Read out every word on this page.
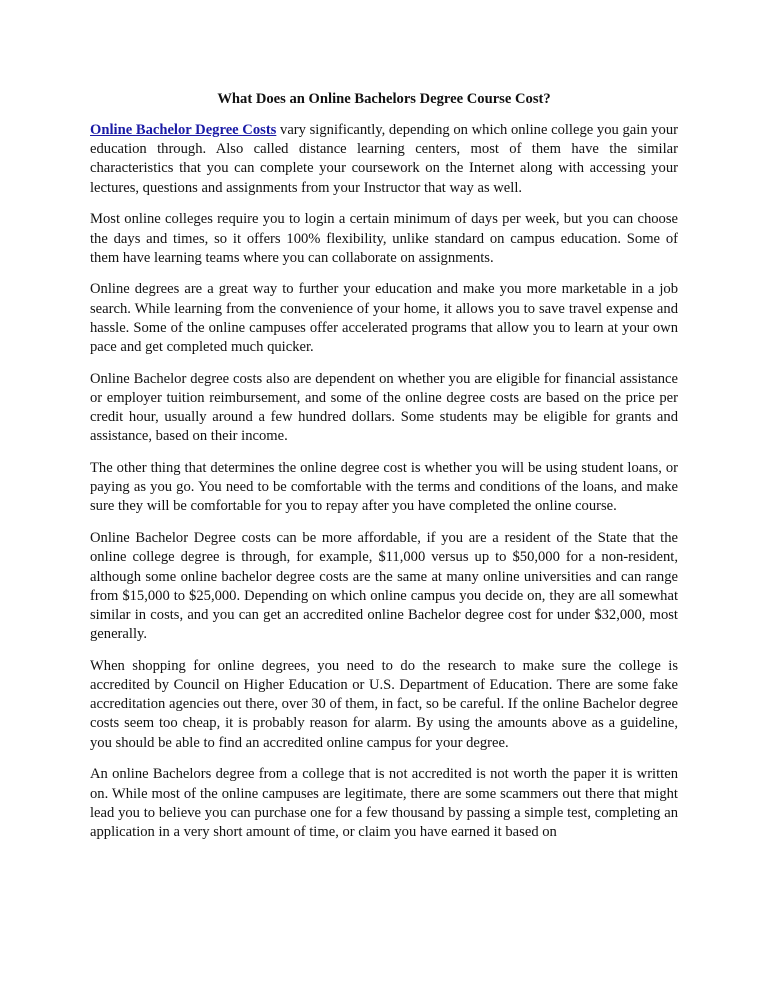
What Does an Online Bachelors Degree Course Cost?

Online Bachelor Degree Costs vary significantly, depending on which online college you gain your education through. Also called distance learning centers, most of them have the similar characteristics that you can complete your coursework on the Internet along with accessing your lectures, questions and assignments from your Instructor that way as well.

Most online colleges require you to login a certain minimum of days per week, but you can choose the days and times, so it offers 100% flexibility, unlike standard on campus education. Some of them have learning teams where you can collaborate on assignments.

Online degrees are a great way to further your education and make you more marketable in a job search. While learning from the convenience of your home, it allows you to save travel expense and hassle. Some of the online campuses offer accelerated programs that allow you to learn at your own pace and get completed much quicker.

Online Bachelor degree costs also are dependent on whether you are eligible for financial assistance or employer tuition reimbursement, and some of the online degree costs are based on the price per credit hour, usually around a few hundred dollars. Some students may be eligible for grants and assistance, based on their income.

The other thing that determines the online degree cost is whether you will be using student loans, or paying as you go. You need to be comfortable with the terms and conditions of the loans, and make sure they will be comfortable for you to repay after you have completed the online course.

Online Bachelor Degree costs can be more affordable, if you are a resident of the State that the online college degree is through, for example, $11,000 versus up to $50,000 for a non-resident, although some online bachelor degree costs are the same at many online universities and can range from $15,000 to $25,000. Depending on which online campus you decide on, they are all somewhat similar in costs, and you can get an accredited online Bachelor degree cost for under $32,000, most generally.

When shopping for online degrees, you need to do the research to make sure the college is accredited by Council on Higher Education or U.S. Department of Education. There are some fake accreditation agencies out there, over 30 of them, in fact, so be careful. If the online Bachelor degree costs seem too cheap, it is probably reason for alarm. By using the amounts above as a guideline, you should be able to find an accredited online campus for your degree.

An online Bachelors degree from a college that is not accredited is not worth the paper it is written on. While most of the online campuses are legitimate, there are some scammers out there that might lead you to believe you can purchase one for a few thousand by passing a simple test, completing an application in a very short amount of time, or claim you have earned it based on
